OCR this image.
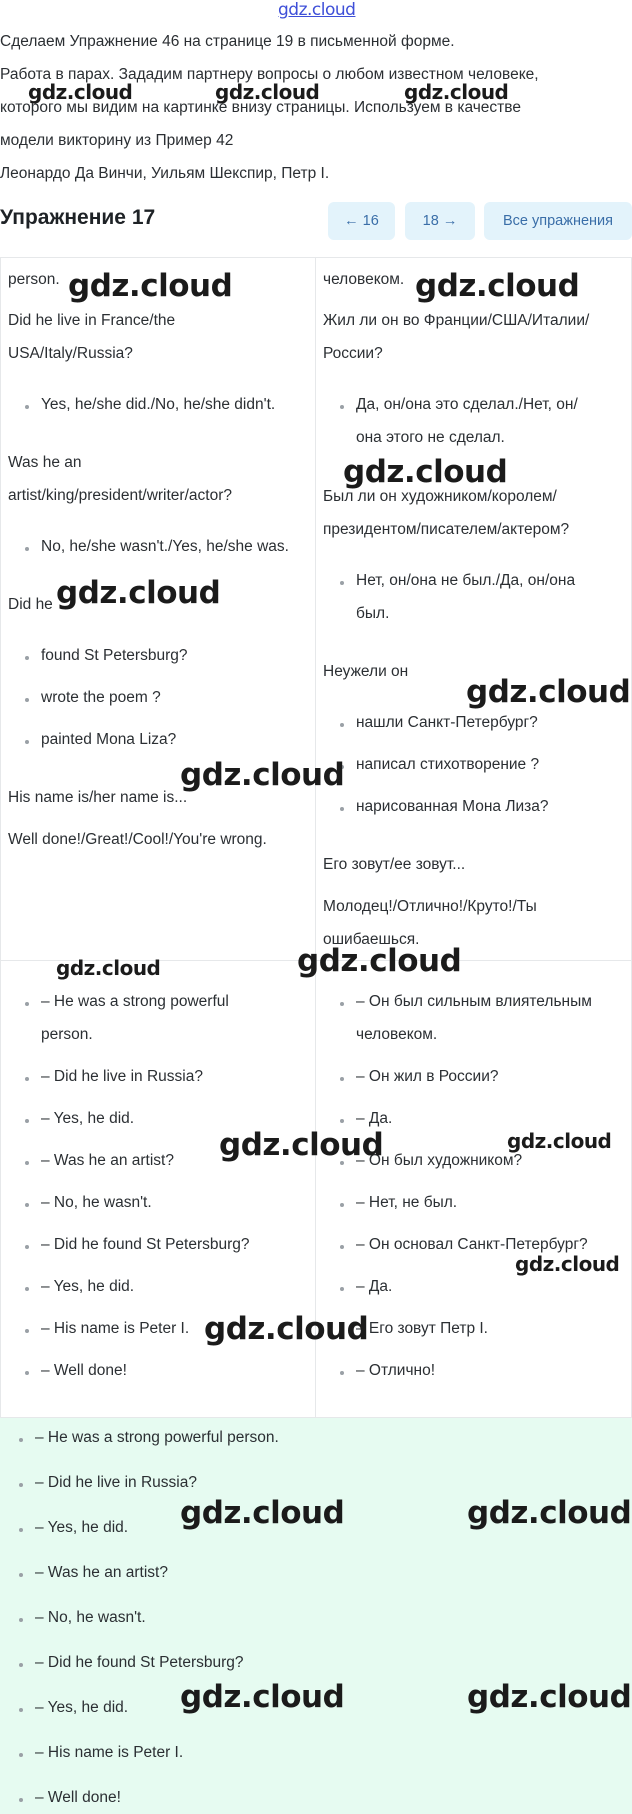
gdz.cloud

Сделаем Упражнение 46 на странице 19 в письменной форме.

Работа в парах. Зададим партнеру вопросы о любом известном человеке,

которого мы видим на картинке внизу страницы. Используем в качестве

модели викторину из Пример 42

Леонардо Да Винчи, Уильям Шекспир, Петр I.

Упражнение 17	← 16	18 →	Все упражнения
person.
Did he live in France/the
USA/Italy/Russia?
Yes, he/she did./No, he/she didn't.
Was he an
artist/king/president/writer/actor?
No, he/she wasn't./Yes, he/she was.
Did he
found St Petersburg?
wrote the poem ?
painted Mona Liza?
His name is/her name is...
Well done!/Great!/Cool!/You're wrong.
человеком.
Жил ли он во Франции/США/Италии/
России?
Да, он/она это сделал./Нет, он/
она этого не сделал.
Был ли он художником/королем/
президентом/писателем/актером?
Нет, он/она не был./Да, он/она
был.
Неужели он
нашли Санкт-Петербург?
написал стихотворение ?
нарисованная Мона Лиза?
Его зовут/ее зовут...
Молодец!/Отлично!/Круто!/Ты
ошибаешься.
– He was a strong powerful
person.
– Did he live in Russia?
– Yes, he did.
– Was he an artist?
– No, he wasn't.
– Did he found St Petersburg?
– Yes, he did.
– His name is Peter I.
– Well done!
– Он был сильным влиятельным
человеком.
– Он жил в России?
– Да.
– Он был художником?
– Нет, не был.
– Он основал Санкт-Петербург?
– Да.
– Его зовут Петр I.
– Отлично!
– He was a strong powerful person.
– Did he live in Russia?
– Yes, he did.
– Was he an artist?
– No, he wasn't.
– Did he found St Petersburg?
– Yes, he did.
– His name is Peter I.
– Well done!
gdz.cloud	gdz.cloud	gdz.cloud
gdz.cloud	gdz.cloud
gdz.cloud
gdz.cloud
gdz.cloud
gdz.cloud
gdz.cloud	gdz.cloud
gdz.cloud	gdz.cloud
gdz.cloud
gdz.cloud
gdz.cloud	gdz.cloud
gdz.cloud	gdz.cloud
